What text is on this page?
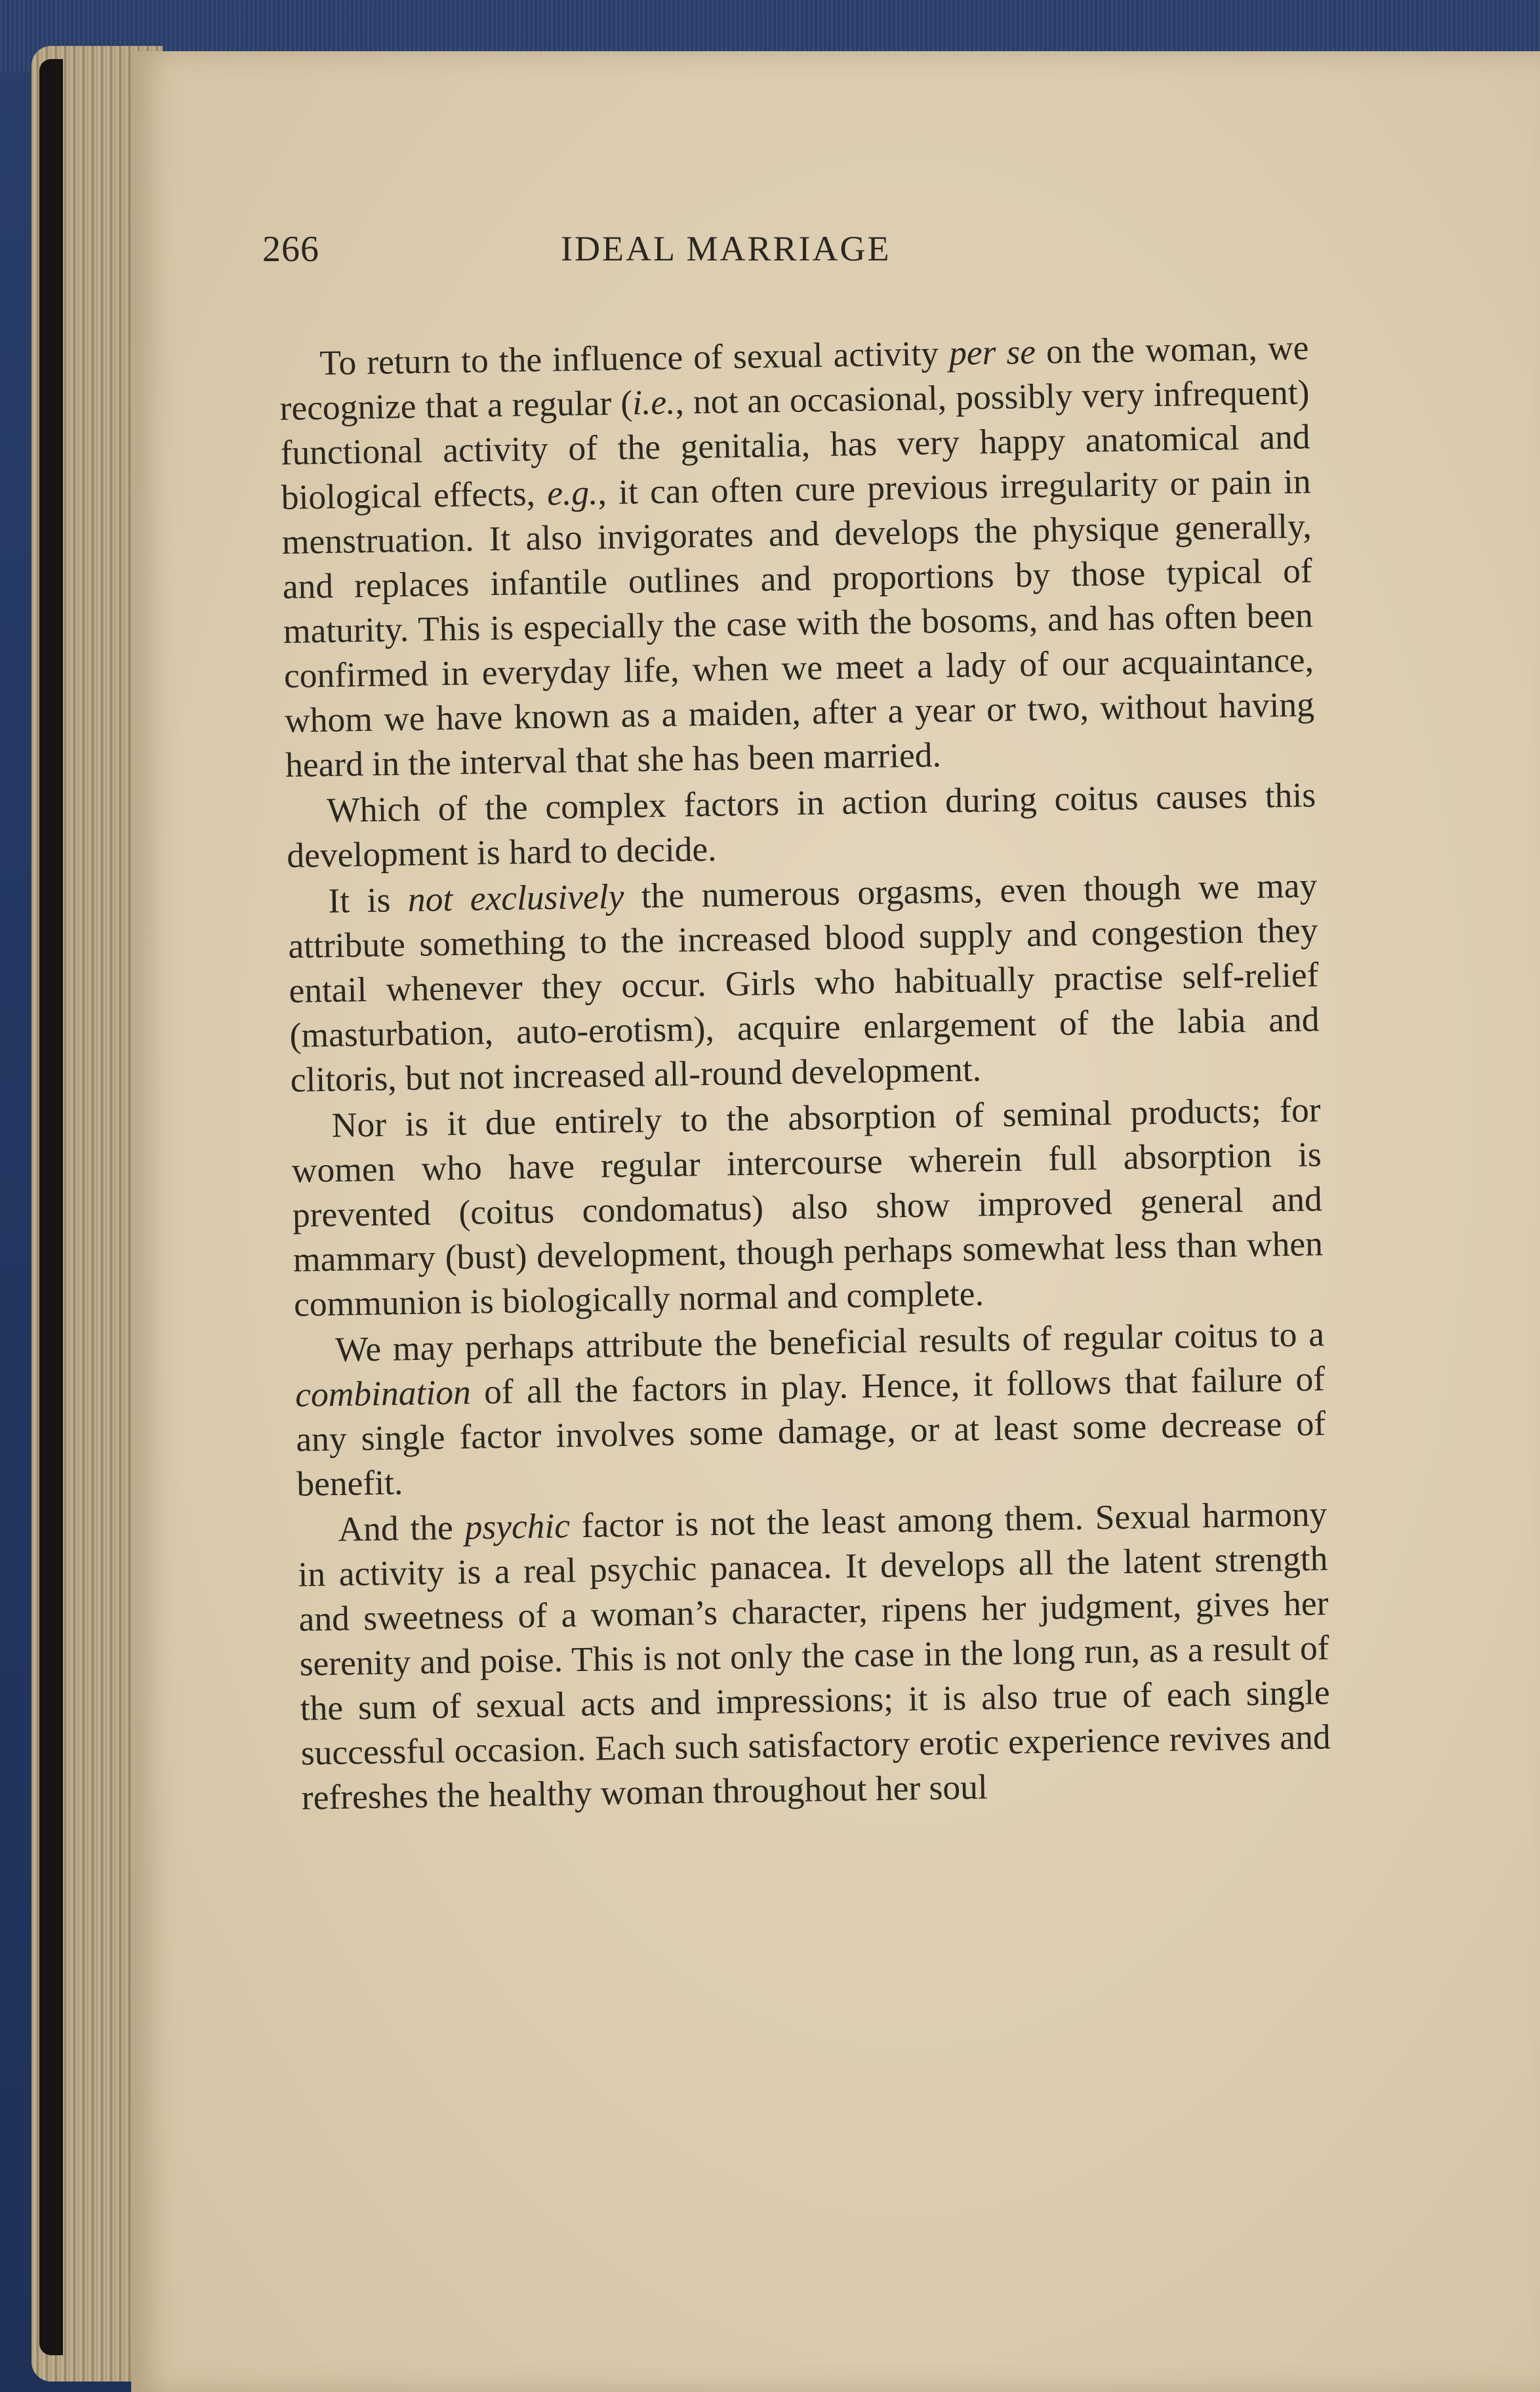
266	IDEAL MARRIAGE

To return to the influence of sexual activity per se on the woman, we recognize that a regular (i.e., not an occasional, possibly very infrequent) functional activity of the genitalia, has very happy anatomical and biological effects, e.g., it can often cure previous irregularity or pain in menstruation. It also invigorates and develops the physique generally, and replaces infantile outlines and proportions by those typical of maturity. This is especially the case with the bosoms, and has often been confirmed in everyday life, when we meet a lady of our acquaintance, whom we have known as a maiden, after a year or two, without having heard in the interval that she has been married.

Which of the complex factors in action during coitus causes this development is hard to decide.

It is not exclusively the numerous orgasms, even though we may attribute something to the increased blood supply and congestion they entail whenever they occur. Girls who habitually practise self-relief (masturbation, auto-erotism), acquire enlargement of the labia and clitoris, but not increased all-round development.

Nor is it due entirely to the absorption of seminal products; for women who have regular intercourse wherein full absorption is prevented (coitus condomatus) also show improved general and mammary (bust) development, though perhaps somewhat less than when communion is biologically normal and complete.

We may perhaps attribute the beneficial results of regular coitus to a combination of all the factors in play. Hence, it follows that failure of any single factor involves some damage, or at least some decrease of benefit.

And the psychic factor is not the least among them. Sexual harmony in activity is a real psychic panacea. It develops all the latent strength and sweetness of a woman’s character, ripens her judgment, gives her serenity and poise. This is not only the case in the long run, as a result of the sum of sexual acts and impressions; it is also true of each single successful occasion. Each such satisfactory erotic experience revives and refreshes the healthy woman throughout her soul
